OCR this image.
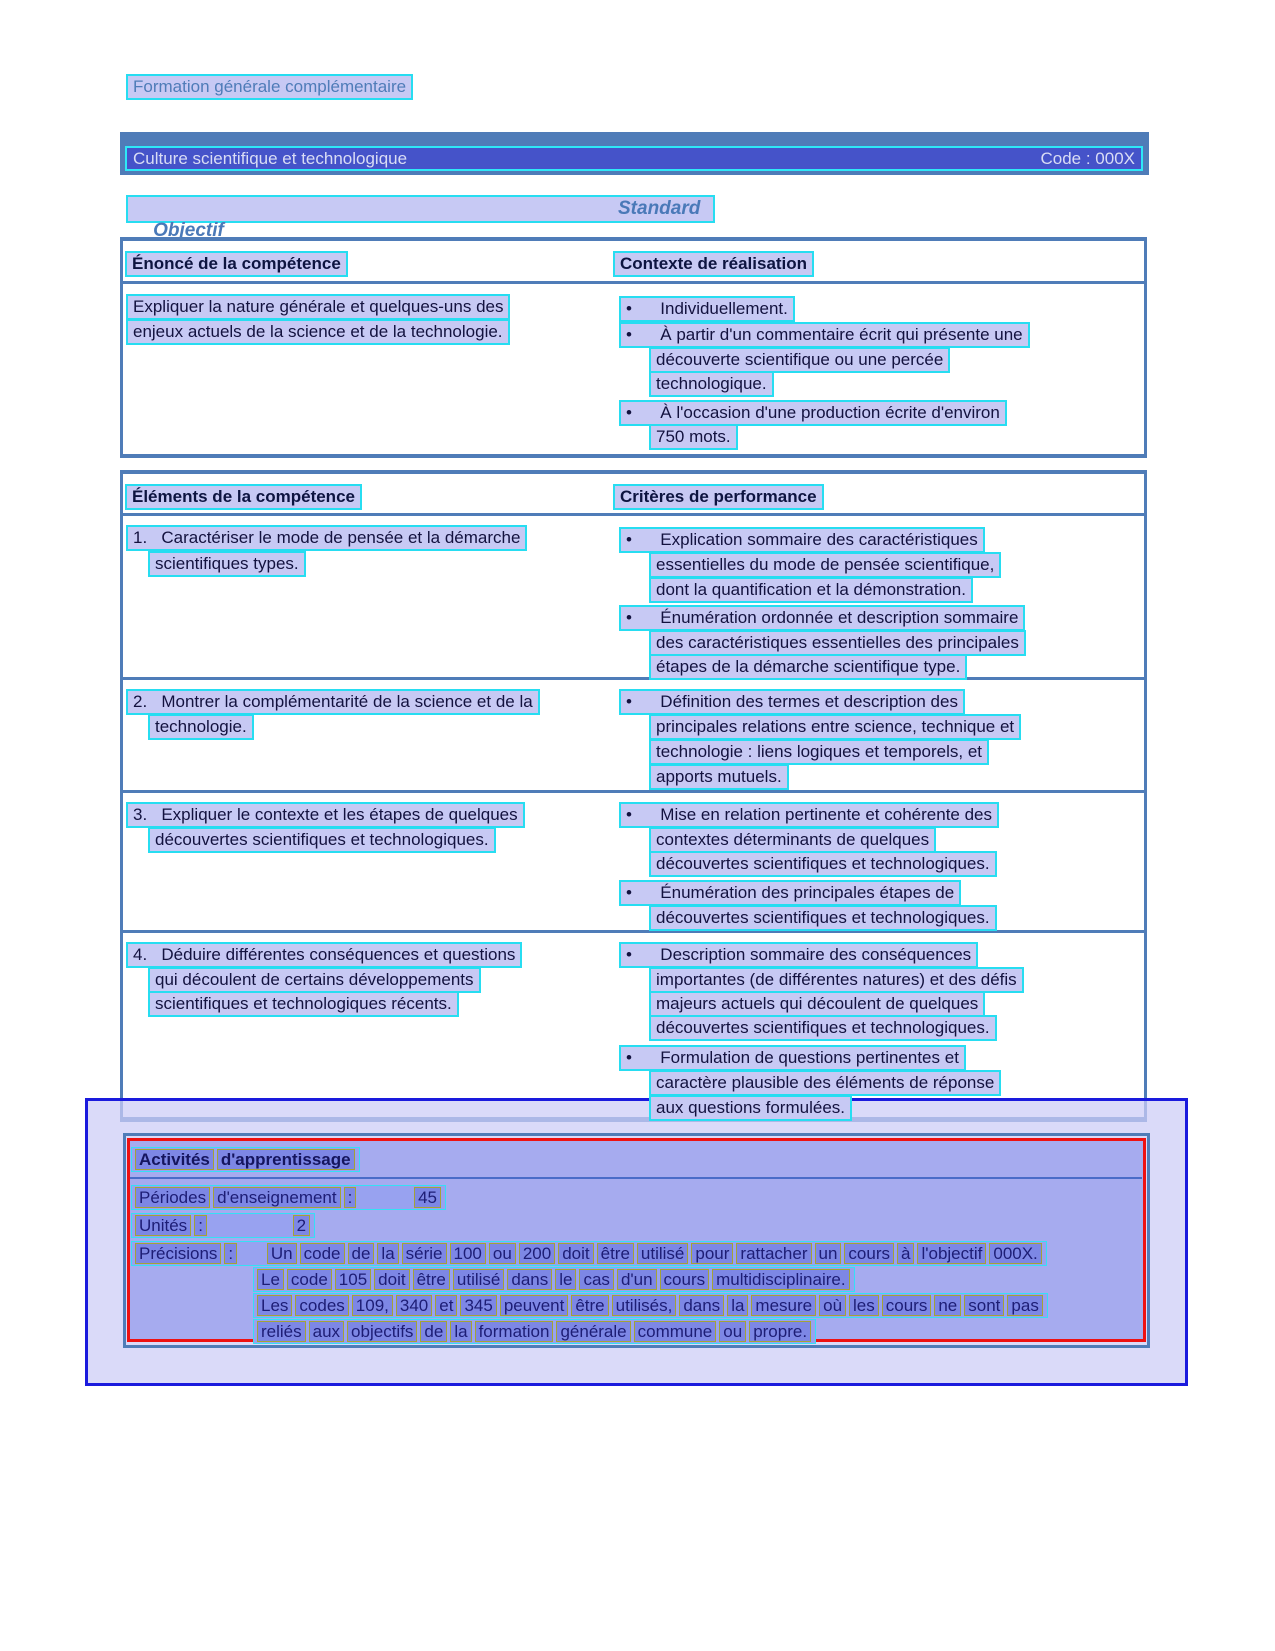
Formation générale complémentaire

Culture scientifique et technologique

	Code : 000X

Objectif

Standard

Énoncé de la compétence	Contexte de réalisation
Expliquer la nature générale et quelques-uns des
enjeux actuels de la science et de la technologie.
•      Individuellement.
•      À partir d'un commentaire écrit qui présente une
découverte scientifique ou une percée
technologique.
•      À l'occasion d'une production écrite d'environ
750 mots.
Éléments de la compétence	Critères de performance
1.   Caractériser le mode de pensée et la démarche
scientifiques types.
•      Explication sommaire des caractéristiques
essentielles du mode de pensée scientifique,
dont la quantification et la démonstration.
•      Énumération ordonnée et description sommaire
des caractéristiques essentielles des principales
étapes de la démarche scientifique type.
2.   Montrer la complémentarité de la science et de la
technologie.
•      Définition des termes et description des
principales relations entre science, technique et
technologie : liens logiques et temporels, et
apports mutuels.
3.   Expliquer le contexte et les étapes de quelques
découvertes scientifiques et technologiques.
•      Mise en relation pertinente et cohérente des
contextes déterminants de quelques
découvertes scientifiques et technologiques.
•      Énumération des principales étapes de
découvertes scientifiques et technologiques.
4.   Déduire différentes conséquences et questions
qui découlent de certains développements
scientifiques et technologiques récents.
•      Description sommaire des conséquences
importantes (de différentes natures) et des défis
majeurs actuels qui découlent de quelques
découvertes scientifiques et technologiques.
•      Formulation de questions pertinentes et
caractère plausible des éléments de réponse
aux questions formulées.
Activités d'apprentissage
Périodes d'enseignement :	45
Unités :	2
Précisions : Un code de la série 100 ou 200 doit être utilisé pour rattacher un cours à l'objectif 000X.
Le code 105 doit être utilisé dans le cas d'un cours multidisciplinaire.
Les codes 109, 340 et 345 peuvent être utilisés, dans la mesure où les cours ne sont pas
reliés aux objectifs de la formation générale commune ou propre.
